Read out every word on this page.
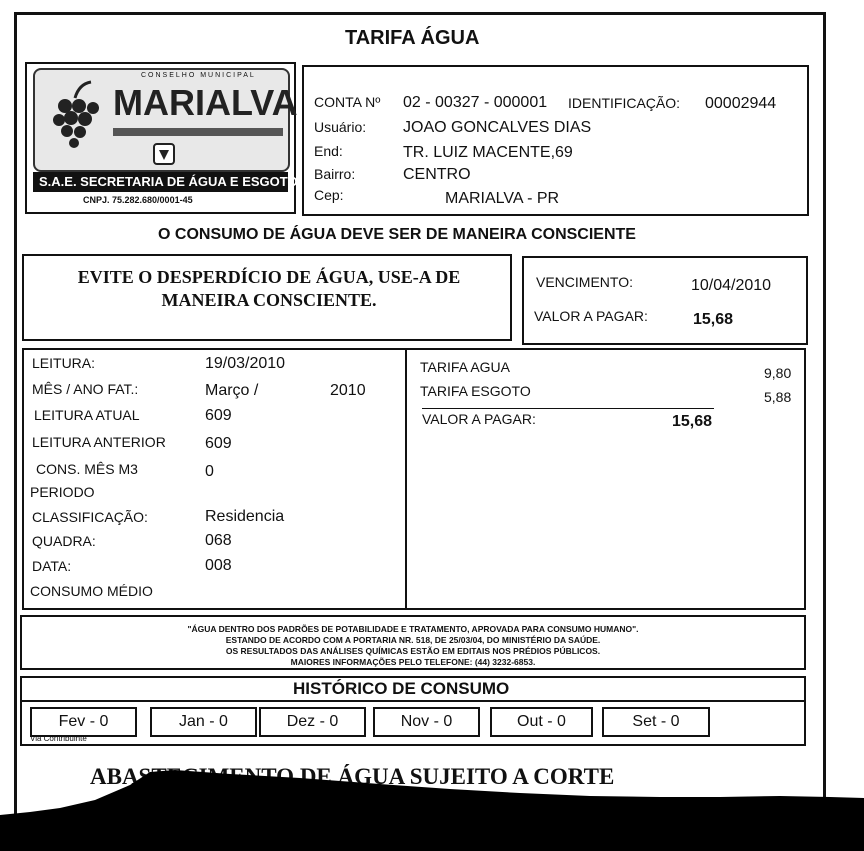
TARIFA ÁGUA
CONSELHO MUNICIPAL
MARIALVA
S.A.E. SECRETARIA DE ÁGUA E ESGOTO
CNPJ. 75.282.680/0001-45
CONTA Nº 02 - 00327 - 000001 IDENTIFICAÇÃO: 00002944
Usuário: JOAO GONCALVES DIAS
End:	TR. LUIZ MACENTE,69
Bairro:	CENTRO
Cep:	MARIALVA - PR
O CONSUMO DE ÁGUA DEVE SER DE MANEIRA CONSCIENTE
EVITE O DESPERDÍCIO DE ÁGUA, USE-A DE
MANEIRA CONSCIENTE.
VENCIMENTO:	10/04/2010
VALOR A PAGAR:	15,68
LEITURA:	19/03/2010
MÊS / ANO FAT.:	Março /	2010
LEITURA ATUAL	609
LEITURA ANTERIOR 609
CONS. MÊS M3	0
PERIODO
CLASSIFICAÇÃO:	Residencia
QUADRA:	068
DATA:	008
CONSUMO MÉDIO
TARIFA AGUA	9,80
TARIFA ESGOTO	5,88
VALOR A PAGAR:	15,68
"ÁGUA DENTRO DOS PADRÕES DE POTABILIDADE E TRATAMENTO, APROVADA PARA CONSUMO HUMANO".
ESTANDO DE ACORDO COM A PORTARIA NR. 518, DE 25/03/04, DO MINISTÉRIO DA SAÚDE.
OS RESULTADOS DAS ANÁLISES QUÍMICAS ESTÃO EM EDITAIS NOS PRÉDIOS PÚBLICOS.
MAIORES INFORMAÇÕES PELO TELEFONE: (44) 3232-6853.
HISTÓRICO DE CONSUMO
Fev - 0	Jan - 0	Dez - 0	Nov - 0	Out - 0	Set - 0
Via Contribuinte
ABASTECIMENTO DE ÁGUA SUJEITO A CORTE
